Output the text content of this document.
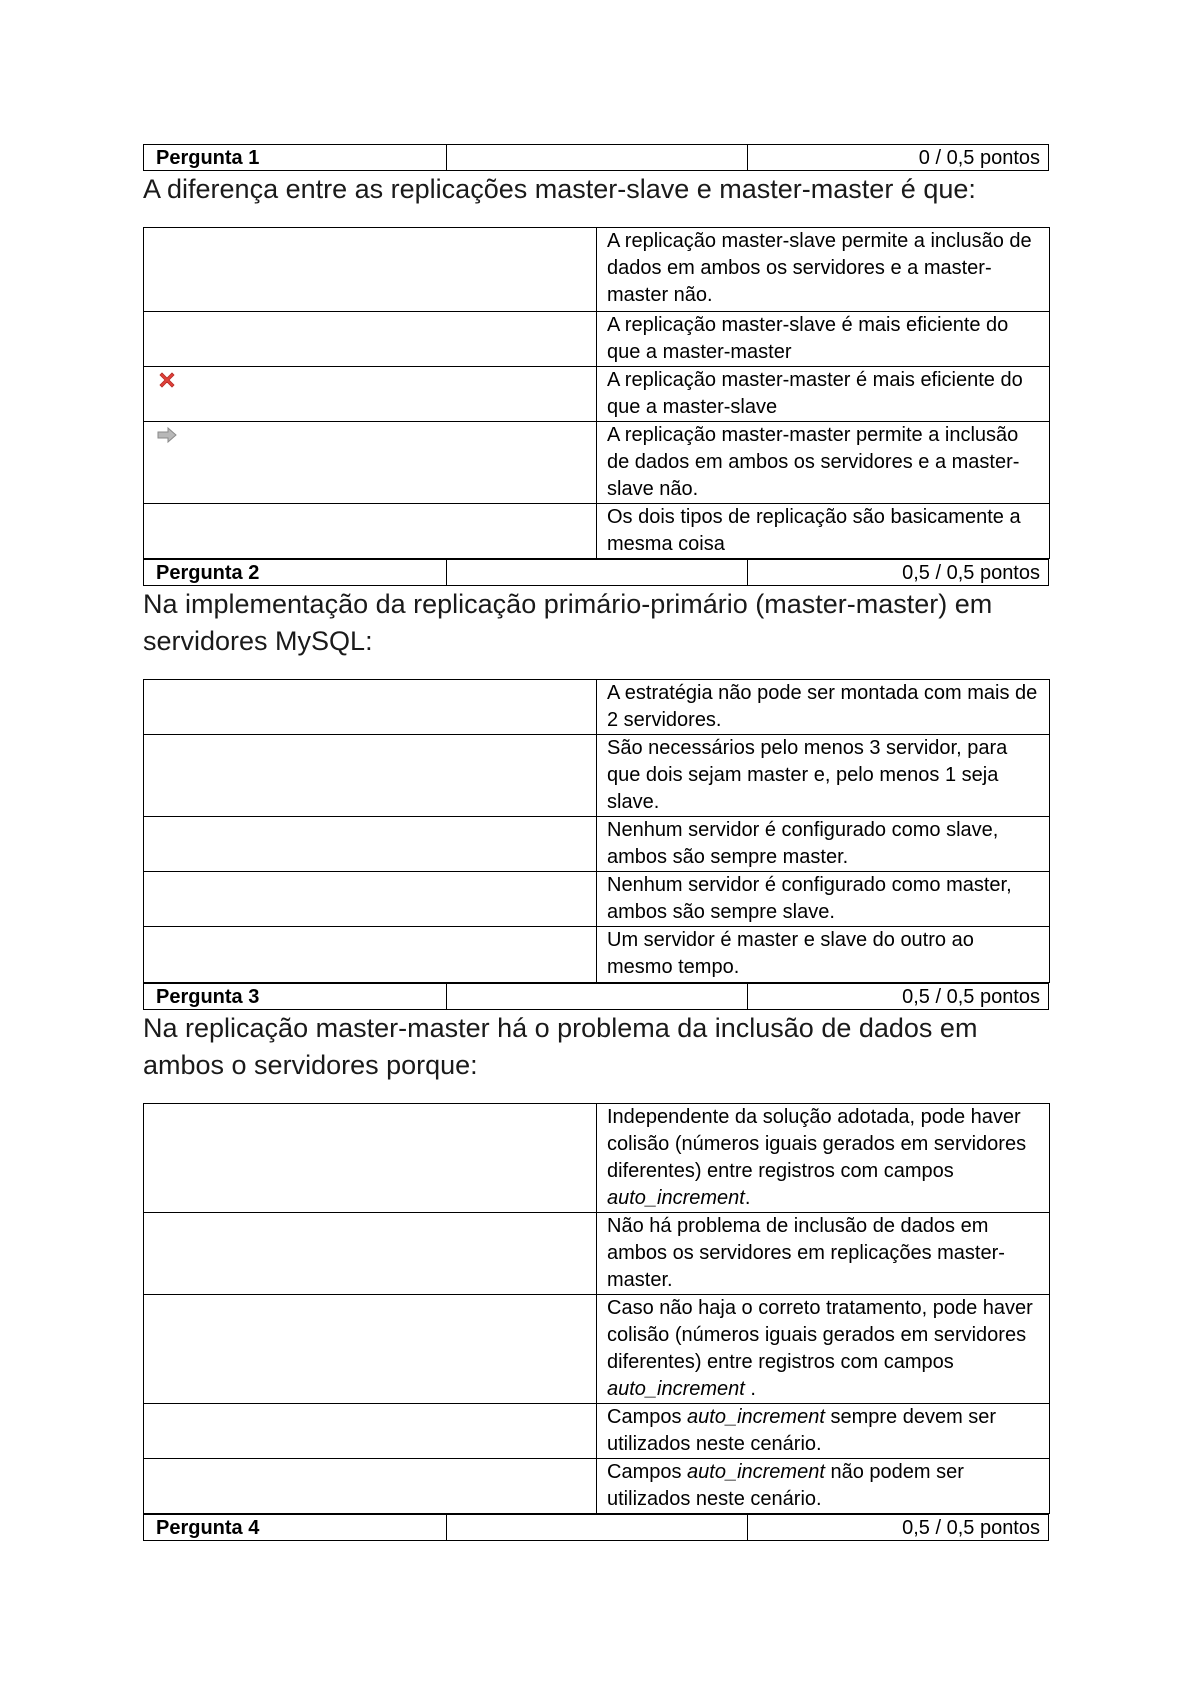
Pergunta 1	0 / 0,5 pontos

A diferença entre as replicações master-slave e master-master é que:

	A replicação master-slave permite a inclusão de dados em ambos os servidores e a master-master não.
	A replicação master-slave é mais eficiente do que a master-master
	A replicação master-master é mais eficiente do que a master-slave
	A replicação master-master permite a inclusão de dados em ambos os servidores e a master-slave não.
	Os dois tipos de replicação são basicamente a mesma coisa
Pergunta 2	0,5 / 0,5 pontos

Na implementação da replicação primário-primário (master-master) em servidores MySQL:

	A estratégia não pode ser montada com mais de 2 servidores.
	São necessários pelo menos 3 servidor, para que dois sejam master e, pelo menos 1 seja slave.
	Nenhum servidor é configurado como slave, ambos são sempre master.
	Nenhum servidor é configurado como master, ambos são sempre slave.
	Um servidor é master e slave do outro ao mesmo tempo.
Pergunta 3	0,5 / 0,5 pontos

Na replicação master-master há o problema da inclusão de dados em ambos o servidores porque:

	Independente da solução adotada, pode haver colisão (números iguais gerados em servidores diferentes) entre registros com campos auto_increment.
	Não há problema de inclusão de dados em ambos os servidores em replicações master-master.
	Caso não haja o correto tratamento, pode haver colisão (números iguais gerados em servidores diferentes) entre registros com campos auto_increment .
	Campos auto_increment sempre devem ser utilizados neste cenário.
	Campos auto_increment não podem ser utilizados neste cenário.
Pergunta 4	0,5 / 0,5 pontos
